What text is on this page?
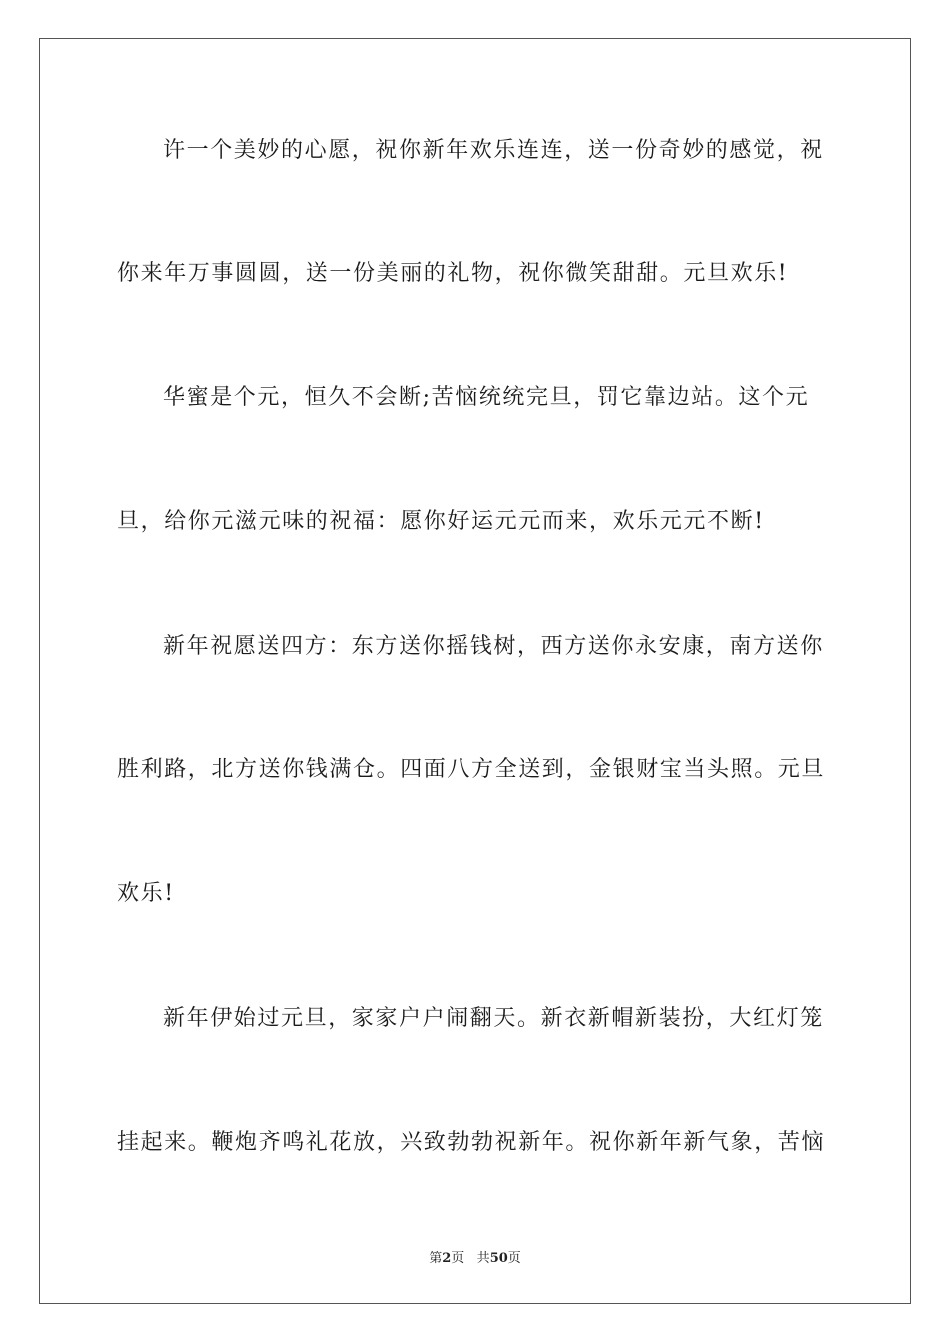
许一个美妙的心愿，祝你新年欢乐连连，送一份奇妙的感觉，祝
你来年万事圆圆，送一份美丽的礼物，祝你微笑甜甜。元旦欢乐!
华蜜是个元，恒久不会断;苦恼统统完旦，罚它靠边站。这个元
旦，给你元滋元味的祝福：愿你好运元元而来，欢乐元元不断!
新年祝愿送四方：东方送你摇钱树，西方送你永安康，南方送你
胜利路，北方送你钱满仓。四面八方全送到，金银财宝当头照。元旦
欢乐!
新年伊始过元旦，家家户户闹翻天。新衣新帽新装扮，大红灯笼
挂起来。鞭炮齐鸣礼花放，兴致勃勃祝新年。祝你新年新气象，苦恼
第2页 共50页
